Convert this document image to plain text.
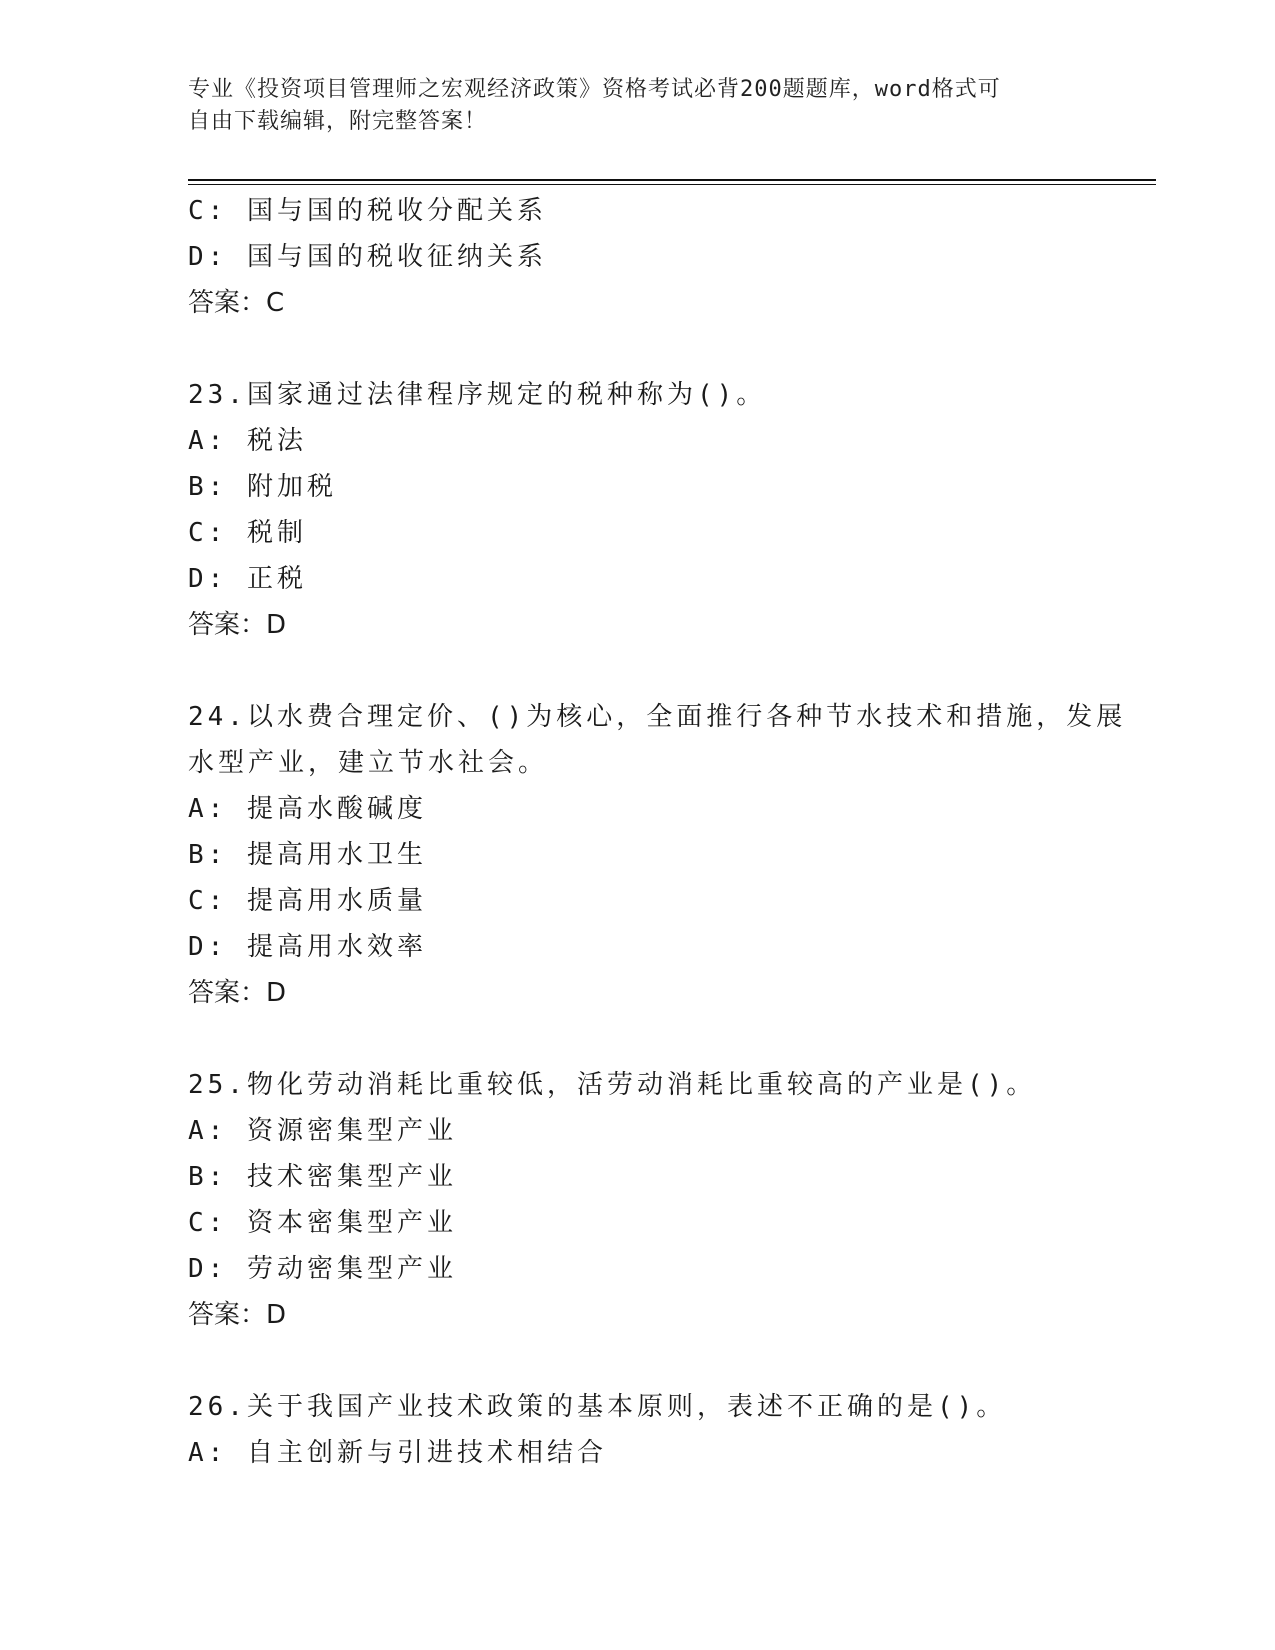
专业《投资项目管理师之宏观经济政策》资格考试必背200题题库，word格式可
自由下载编辑，附完整答案！
C: 国与国的税收分配关系
D: 国与国的税收征纳关系
答案：C
23.国家通过法律程序规定的税种称为()。
A: 税法
B: 附加税
C: 税制
D: 正税
答案：D
24.以水费合理定价、()为核心，全面推行各种节水技术和措施，发展
水型产业，建立节水社会。
A: 提高水酸碱度
B: 提高用水卫生
C: 提高用水质量
D: 提高用水效率
答案：D
25.物化劳动消耗比重较低，活劳动消耗比重较高的产业是()。
A: 资源密集型产业
B: 技术密集型产业
C: 资本密集型产业
D: 劳动密集型产业
答案：D
26.关于我国产业技术政策的基本原则，表述不正确的是()。
A: 自主创新与引进技术相结合
